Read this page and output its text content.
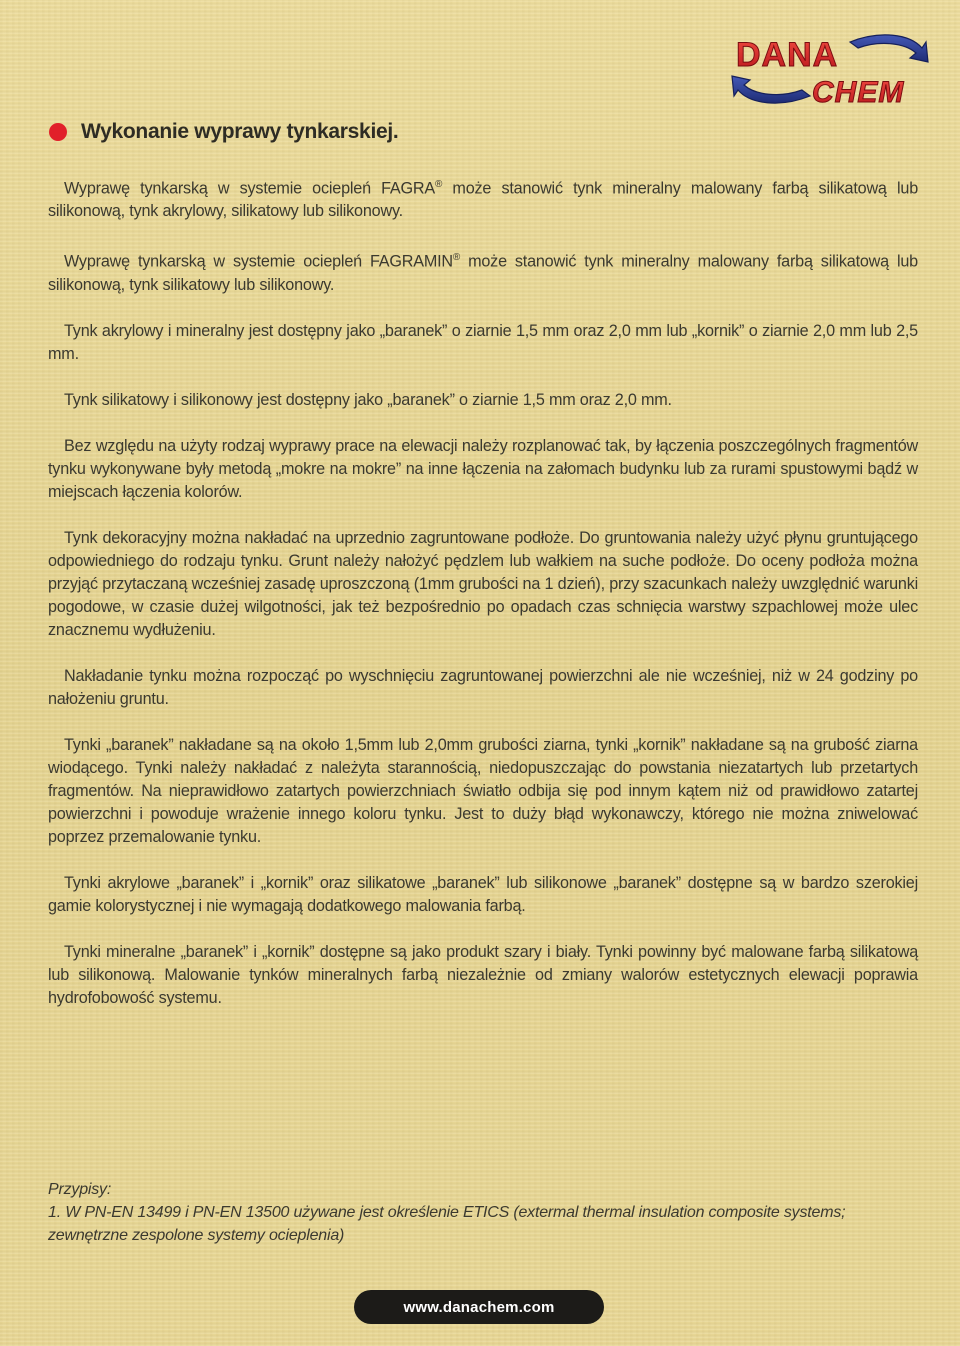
DANA
CHEM
Wykonanie wyprawy tynkarskiej.

Wyprawę tynkarską w systemie ociepleń FAGRA® może stanowić tynk mineralny malowany farbą silikatową lub silikonową, tynk akrylowy, silikatowy lub silikonowy.

Wyprawę tynkarską w systemie ociepleń FAGRAMIN® może stanowić tynk mineralny malowany farbą silikatową lub silikonową, tynk silikatowy lub silikonowy.

Tynk akrylowy i mineralny jest dostępny jako „baranek” o ziarnie 1,5 mm oraz 2,0 mm lub „kornik” o ziarnie 2,0 mm lub 2,5 mm.

Tynk silikatowy i silikonowy jest dostępny jako „baranek” o ziarnie 1,5 mm oraz 2,0 mm.

Bez względu na użyty rodzaj wyprawy prace na elewacji należy rozplanować tak, by łączenia poszczególnych fragmentów tynku wykonywane były metodą „mokre na mokre” na inne łączenia na załomach budynku lub za rurami spustowymi bądź w miejscach łączenia kolorów.

Tynk dekoracyjny można nakładać na uprzednio zagruntowane podłoże. Do gruntowania należy użyć płynu gruntującego odpowiedniego do rodzaju tynku. Grunt należy nałożyć pędzlem lub wałkiem na suche podłoże. Do oceny podłoża można przyjąć przytaczaną wcześniej zasadę uproszczoną (1mm grubości na 1 dzień), przy szacunkach należy uwzględnić warunki pogodowe, w czasie dużej wilgotności, jak też bezpośrednio po opadach czas schnięcia warstwy szpachlowej może ulec znacznemu wydłużeniu.

Nakładanie tynku można rozpocząć po wyschnięciu zagruntowanej powierzchni ale nie wcześniej, niż w 24 godziny po nałożeniu gruntu.

Tynki „baranek” nakładane są na około 1,5mm lub 2,0mm grubości ziarna, tynki „kornik” nakładane są na grubość ziarna wiodącego. Tynki należy nakładać z należyta starannością, niedopuszczając do powstania niezatartych lub przetartych fragmentów. Na nieprawidłowo zatartych powierzchniach światło odbija się pod innym kątem niż od prawidłowo zatartej powierzchni i powoduje wrażenie innego koloru tynku. Jest to duży błąd wykonawczy, którego nie można zniwelować poprzez przemalowanie tynku.

Tynki akrylowe „baranek” i „kornik” oraz silikatowe „baranek” lub silikonowe „baranek” dostępne są w bardzo szerokiej gamie kolorystycznej i nie wymagają dodatkowego malowania farbą.

Tynki mineralne „baranek” i „kornik” dostępne są jako produkt szary i biały. Tynki powinny być malowane farbą silikatową lub silikonową. Malowanie tynków mineralnych farbą niezależnie od zmiany walorów estetycznych elewacji poprawia hydrofobowość systemu.

Przypisy:
1. W PN-EN 13499 i PN-EN 13500 używane jest określenie ETICS (extermal thermal insulation composite systems; zewnętrzne zespolone systemy ocieplenia)
www.danachem.com
